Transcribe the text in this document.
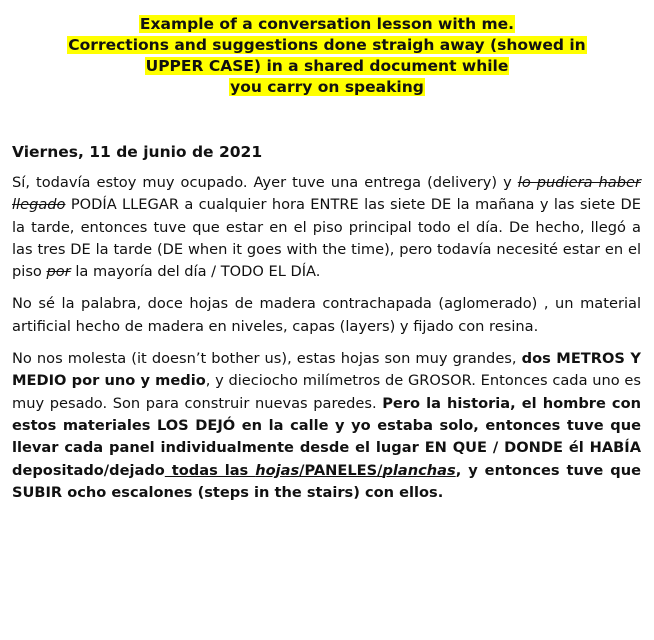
Example of a conversation lesson with me.
Corrections and suggestions done straigh away (showed in
UPPER CASE) in a shared document while
you carry on speaking
Viernes, 11 de junio de 2021

Sí, todavía estoy muy ocupado. Ayer tuve una entrega (delivery) y lo pudiera haber llegado PODÍA LLEGAR a cualquier hora ENTRE las siete DE la mañana y las siete DE la tarde, entonces tuve que estar en el piso principal todo el día. De hecho, llegó a las tres DE la tarde (DE when it goes with the time), pero todavía necesité estar en el piso por la mayoría del día / TODO EL DÍA.

No sé la palabra, doce hojas de madera contrachapada (aglomerado) , un material artificial hecho de madera en niveles, capas (layers) y fijado con resina.

No nos molesta (it doesn’t bother us), estas hojas son muy grandes, dos METROS Y MEDIO por uno y medio, y dieciocho milímetros de GROSOR. Entonces cada uno es muy pesado. Son para construir nuevas paredes. Pero la historia, el hombre con estos materiales LOS DEJÓ en la calle y yo estaba solo, entonces tuve que llevar cada panel individualmente desde el lugar EN QUE / DONDE él HABÍA depositado/dejado todas las hojas/PANELES/planchas, y entonces tuve que SUBIR ocho escalones (steps in the stairs) con ellos.
